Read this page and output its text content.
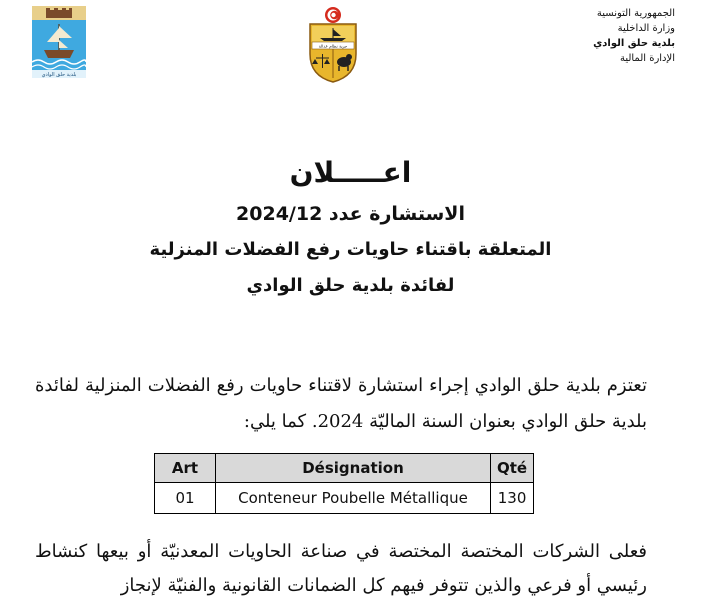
بلدية حلق الوادي
حرية نظام عدالة
الجمهورية التونسية
وزارة الداخلية
بلدية حلق الوادي
الإدارة المالية
اعـــــلان
الاستشارة عدد 2024/12
المتعلقة باقتناء حاويات رفع الفضلات المنزلية
لفائدة بلدية حلق الوادي
تعتزم بلدية حلق الوادي إجراء استشارة لاقتناء حاويات رفع الفضلات المنزلية لفائدة بلدية حلق الوادي بعنوان السنة الماليّة 2024. كما يلي:
Art	Désignation	Qté
01	Conteneur Poubelle Métallique	130
فعلى الشركات المختصة المختصة في صناعة الحاويات المعدنيّة أو بيعها كنشاط رئيسي أو فرعي والذين تتوفر فيهم كل الضمانات القانونية والفنيّة لإنجاز
